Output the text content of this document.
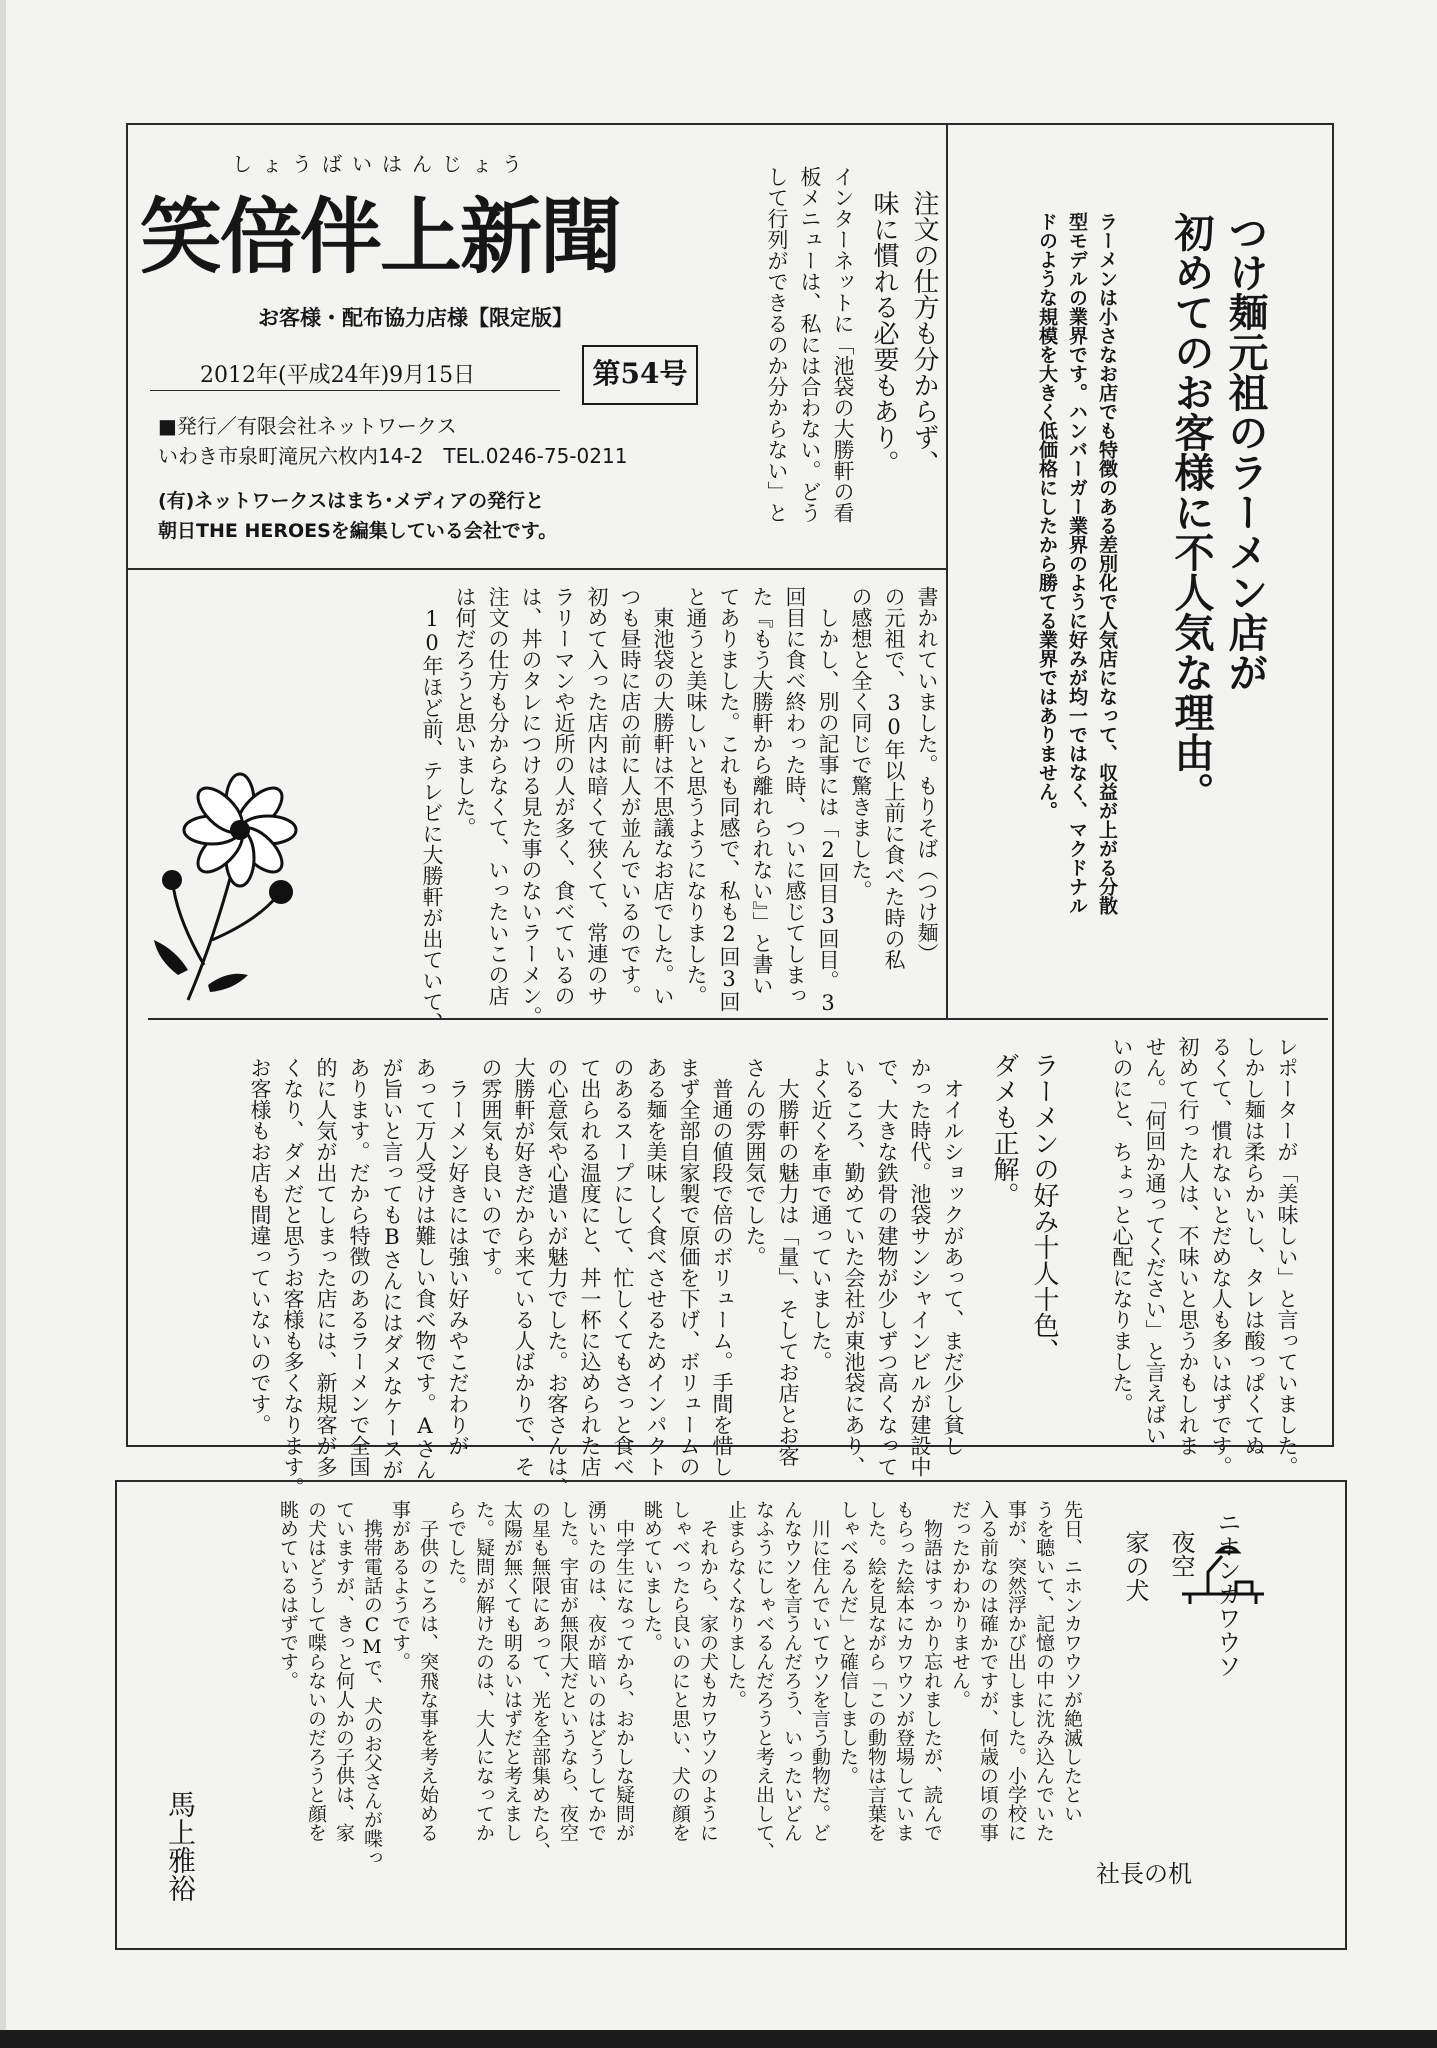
しょうばいはんじょう
笑倍伴上新聞
お客様・配布協力店様【限定版】
2012年(平成24年)9月15日	第54号
■発行／有限会社ネットワークス
いわき市泉町滝尻六枚内14-2　TEL.0246-75-0211
(有)ネットワークスはまち･メディアの発行と
朝日THE HEROESを編集している会社です。	つけ麺元祖のラーメン店が
初めてのお客様に不人気な理由。
ラーメンは小さなお店でも特徴のある差別化で人気店になって、収益が上がる分散
型モデルの業界です。ハンバーガー業界のように好みが均一ではなく、マクドナル
ドのような規模を大きく低価格にしたから勝てる業界ではありません。
注文の仕方も分からず、
味に慣れる必要もあり。
インターネットに「池袋の大勝軒の看
板メニューは、私には合わない。どう
して行列ができるのか分からない」と
書かれていました。もりそば（つけ麺）
の元祖で、30年以上前に食べた時の私
の感想と全く同じで驚きました。
しかし、別の記事には「2回目3回目。3
回目に食べ終わった時、ついに感じてしまっ
た『もう大勝軒から離れられない』」と書い
てありました。これも同感で、私も2回3回
と通うと美味しいと思うようになりました。
東池袋の大勝軒は不思議なお店でした。い
つも昼時に店の前に人が並んでいるのです。
初めて入った店内は暗くて狭くて、常連のサ
ラリーマンや近所の人が多く、食べているの
は、丼のタレにつける見た事のないラーメン。
注文の仕方も分からなくて、いったいこの店
は何だろうと思いました。
10年ほど前、テレビに大勝軒が出ていて、
レポーターが「美味しい」と言っていました。
しかし麺は柔らかいし、タレは酸っぱくてぬ
るくて、慣れないとだめな人も多いはずです。
初めて行った人は、不味いと思うかもしれま
せん。「何回か通ってください」と言えばい
いのにと、ちょっと心配になりました。
ラーメンの好み十人十色、
ダメも正解。
オイルショックがあって、まだ少し貧し
かった時代。池袋サンシャインビルが建設中
で、大きな鉄骨の建物が少しずつ高くなって
いるころ、勤めていた会社が東池袋にあり、
よく近くを車で通っていました。
大勝軒の魅力は「量」、そしてお店とお客
さんの雰囲気でした。
普通の値段で倍のボリューム。手間を惜し
まず全部自家製で原価を下げ、ボリュームの
ある麺を美味しく食べさせるためインパクト
のあるスープにして、忙しくてもさっと食べ
て出られる温度にと、丼一杯に込められた店
の心意気や心遣いが魅力でした。お客さんは、
大勝軒が好きだから来ている人ばかりで、そ
の雰囲気も良いのです。
ラーメン好きには強い好みやこだわりが
あって万人受けは難しい食べ物です。Aさん
が旨いと言ってもBさんにはダメなケースが
あります。だから特徴のあるラーメンで全国
的に人気が出てしまった店には、新規客が多
くなり、ダメだと思うお客様も多くなります。
お客様もお店も間違っていないのです。
ニホンカワウソ
夜空
家の犬
先日、ニホンカワウソが絶滅したとい
うを聴いて、記憶の中に沈み込んでいた
事が、突然浮かび出しました。小学校に
入る前なのは確かですが、何歳の頃の事
だったかわかりません。
物語はすっかり忘れましたが、読んで
もらった絵本にカワウソが登場していま
した。絵を見ながら「この動物は言葉を
しゃべるんだ」と確信しました。
川に住んでいてウソを言う動物だ。ど
んなウソを言うんだろう、いったいどん
なふうにしゃべるんだろうと考え出して、
止まらなくなりました。
それから、家の犬もカワウソのように
しゃべったら良いのにと思い、犬の顔を
眺めていました。
中学生になってから、おかしな疑問が
湧いたのは、夜が暗いのはどうしてかで
した。宇宙が無限大だというなら、夜空
の星も無限にあって、光を全部集めたら、
太陽が無くても明るいはずだと考えまし
た。疑問が解けたのは、大人になってか
らでした。
子供のころは、突飛な事を考え始める
事があるようです。
携帯電話のCMで、犬のお父さんが喋っ
ていますが、きっと何人かの子供は、家
の犬はどうして喋らないのだろうと顔を
眺めているはずです。
馬上雅裕	社長の机
